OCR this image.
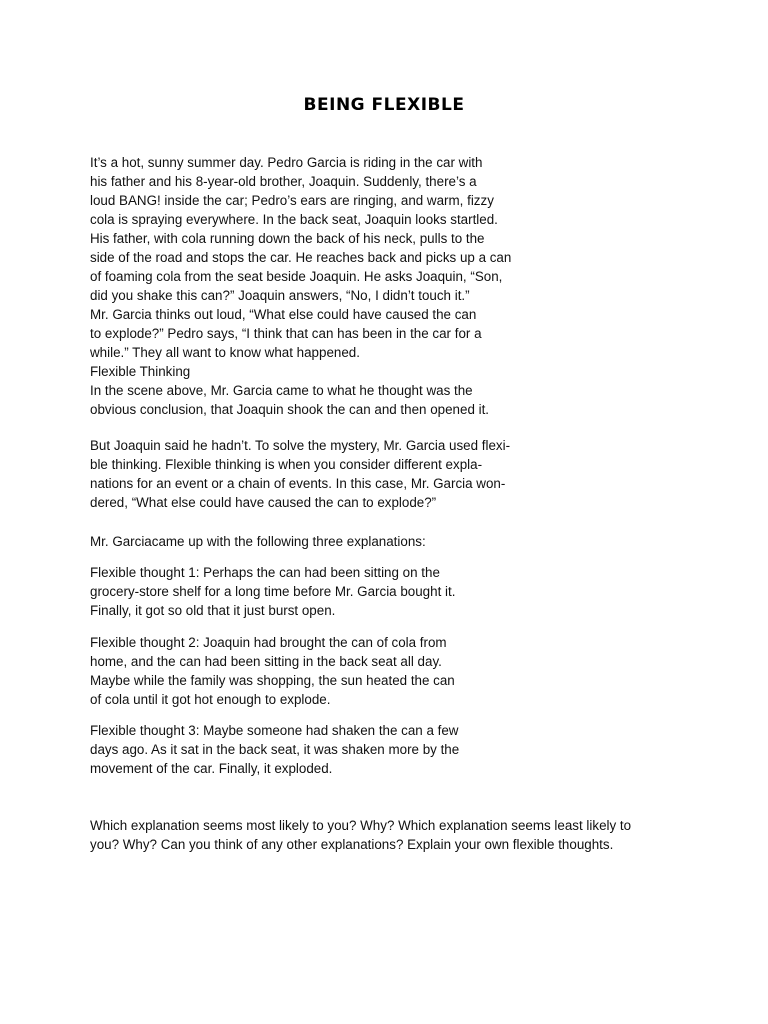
BEING FLEXIBLE

It’s a hot, sunny summer day. Pedro Garcia is riding in the car with
his father and his 8-year-old brother, Joaquin. Suddenly, there’s a
loud BANG! inside the car; Pedro’s ears are ringing, and warm, fizzy
cola is spraying everywhere. In the back seat, Joaquin looks startled.
His father, with cola running down the back of his neck, pulls to the
side of the road and stops the car. He reaches back and picks up a can
of foaming cola from the seat beside Joaquin. He asks Joaquin, “Son,
did you shake this can?” Joaquin answers, “No, I didn’t touch it.”
Mr. Garcia thinks out loud, “What else could have caused the can
to explode?” Pedro says, “I think that can has been in the car for a
while.” They all want to know what happened.
Flexible Thinking
In the scene above, Mr. Garcia came to what he thought was the
obvious conclusion, that Joaquin shook the can and then opened it.

But Joaquin said he hadn’t. To solve the mystery, Mr. Garcia used flexi-
ble thinking. Flexible thinking is when you consider different expla-
nations for an event or a chain of events. In this case, Mr. Garcia won-
dered, “What else could have caused the can to explode?”

Mr. Garciacame up with the following three explanations:

Flexible thought 1: Perhaps the can had been sitting on the
grocery-store shelf for a long time before Mr. Garcia bought it.
Finally, it got so old that it just burst open.

Flexible thought 2: Joaquin had brought the can of cola from
home, and the can had been sitting in the back seat all day.
Maybe while the family was shopping, the sun heated the can
of cola until it got hot enough to explode.

Flexible thought 3: Maybe someone had shaken the can a few
days ago. As it sat in the back seat, it was shaken more by the
movement of the car. Finally, it exploded.

Which explanation seems most likely to you? Why? Which explanation seems least likely to
you? Why? Can you think of any other explanations? Explain your own flexible thoughts.
